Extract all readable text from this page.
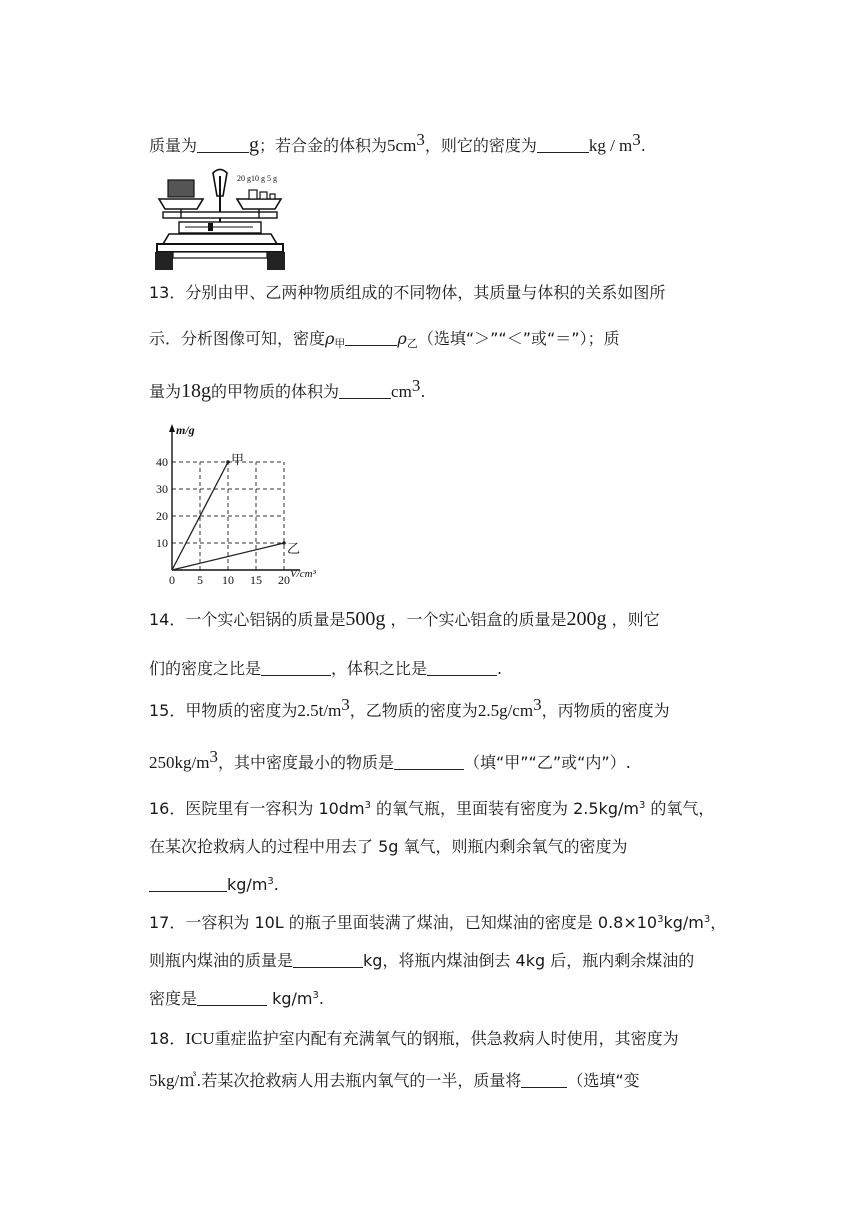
质量为	g；若合金的体积为$5cm^3$，则它的密度为	kg / $m^3$.
20 g10 g 5 g
13．分别由甲、乙两种物质组成的不同物体，其质量与体积的关系如图所
示．分析图像可知，密度$\rho_甲$	$\rho_乙$（选填“＞”“＜”或“＝”）；质
量为18g的甲物质的体积为	$cm^3$.
0 5 10 15 20
10
20
30
40
m/g
V/cm³
甲
乙
14．一个实心铝锅的质量是500g ，一个实心铝盒的质量是200g ，则它
们的密度之比是	，体积之比是	.
15．甲物质的密度为$2.5t/m^3$，乙物质的密度为$2.5g/cm^3$，丙物质的密度为
$250kg/m^3$，其中密度最小的物质是	（填“甲”“乙”或“内”）.
16．医院里有一容积为 $10dm^3$ 的氧气瓶，里面装有密度为 $2.5kg/m^3$ 的氧气，
在某次抢救病人的过程中用去了 5g 氧气，则瓶内剩余氧气的密度为
$kg/m^3$.
17．一容积为 10L 的瓶子里面装满了煤油，已知煤油的密度是 $0.8\times 10^3kg/m^3$，
则瓶内煤油的质量是	kg，将瓶内煤油倒去 4kg 后，瓶内剩余煤油的
密度是	$kg/m^3$.
18．ICU重症监护室内配有充满氧气的钢瓶，供急救病人时使用，其密度为
5kg/㎥.若某次抢救病人用去瓶内氧气的一半，质量将	（选填“变
